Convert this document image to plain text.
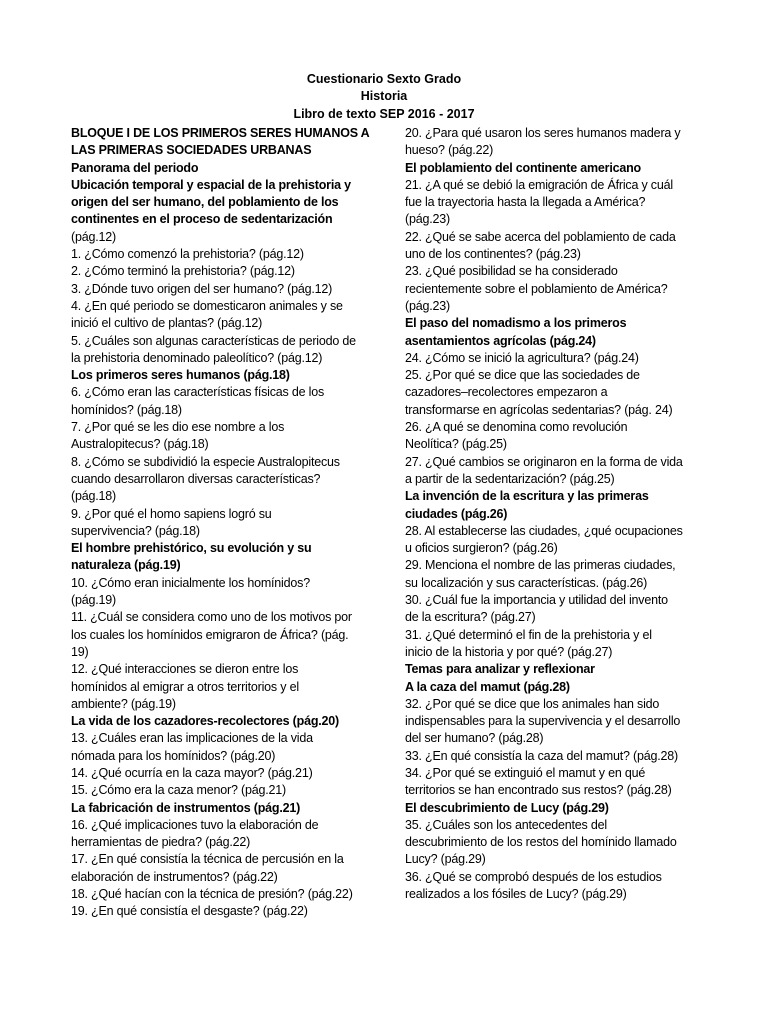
Cuestionario Sexto Grado
Historia
Libro de texto SEP 2016 - 2017
BLOQUE I DE LOS PRIMEROS SERES HUMANOS A
LAS PRIMERAS SOCIEDADES URBANAS
Panorama del periodo
Ubicación temporal y espacial de la prehistoria y
origen del ser humano, del poblamiento de los
continentes en el proceso de sedentarización
(pág.12)
1. ¿Cómo comenzó la prehistoria? (pág.12)
2. ¿Cómo terminó la prehistoria? (pág.12)
3. ¿Dónde tuvo origen del ser humano? (pág.12)
4. ¿En qué periodo se domesticaron animales y se
inició el cultivo de plantas? (pág.12)
5. ¿Cuáles son algunas características de periodo de
la prehistoria denominado paleolítico? (pág.12)
Los primeros seres humanos (pág.18)
6. ¿Cómo eran las características físicas de los
homínidos? (pág.18)
7. ¿Por qué se les dio ese nombre a los
Australopitecus? (pág.18)
8. ¿Cómo se subdividió la especie Australopitecus
cuando desarrollaron diversas características?
(pág.18)
9. ¿Por qué el homo sapiens logró su
supervivencia? (pág.18)
El hombre prehistórico, su evolución y su
naturaleza (pág.19)
10. ¿Cómo eran inicialmente los homínidos?
(pág.19)
11. ¿Cuál se considera como uno de los motivos por
los cuales los homínidos emigraron de África? (pág.
19)
12. ¿Qué interacciones se dieron entre los
homínidos al emigrar a otros territorios y el
ambiente? (pág.19)
La vida de los cazadores-recolectores (pág.20)
13. ¿Cuáles eran las implicaciones de la vida
nómada para los homínidos? (pág.20)
14. ¿Qué ocurría en la caza mayor? (pág.21)
15. ¿Cómo era la caza menor? (pág.21)
La fabricación de instrumentos (pág.21)
16. ¿Qué implicaciones tuvo la elaboración de
herramientas de piedra? (pág.22)
17. ¿En qué consistía la técnica de percusión en la
elaboración de instrumentos? (pág.22)
18. ¿Qué hacían con la técnica de presión? (pág.22)
19. ¿En qué consistía el desgaste? (pág.22)
20. ¿Para qué usaron los seres humanos madera y
hueso? (pág.22)
El poblamiento del continente americano
21. ¿A qué se debió la emigración de África y cuál
fue la trayectoria hasta la llegada a América?
(pág.23)
22. ¿Qué se sabe acerca del poblamiento de cada
uno de los continentes? (pág.23)
23. ¿Qué posibilidad se ha considerado
recientemente sobre el poblamiento de América?
(pág.23)
El paso del nomadismo a los primeros
asentamientos agrícolas (pág.24)
24. ¿Cómo se inició la agricultura? (pág.24)
25. ¿Por qué se dice que las sociedades de
cazadores–recolectores empezaron a
transformarse en agrícolas sedentarias? (pág. 24)
26. ¿A qué se denomina como revolución
Neolítica? (pág.25)
27. ¿Qué cambios se originaron en la forma de vida
a partir de la sedentarización? (pág.25)
La invención de la escritura y las primeras
ciudades (pág.26)
28. Al establecerse las ciudades, ¿qué ocupaciones
u oficios surgieron? (pág.26)
29. Menciona el nombre de las primeras ciudades,
su localización y sus características. (pág.26)
30. ¿Cuál fue la importancia y utilidad del invento
de la escritura? (pág.27)
31. ¿Qué determinó el fin de la prehistoria y el
inicio de la historia y por qué? (pág.27)
Temas para analizar y reflexionar
A la caza del mamut (pág.28)
32. ¿Por qué se dice que los animales han sido
indispensables para la supervivencia y el desarrollo
del ser humano? (pág.28)
33. ¿En qué consistía la caza del mamut? (pág.28)
34. ¿Por qué se extinguió el mamut y en qué
territorios se han encontrado sus restos? (pág.28)
El descubrimiento de Lucy (pág.29)
35. ¿Cuáles son los antecedentes del
descubrimiento de los restos del homínido llamado
Lucy? (pág.29)
36. ¿Qué se comprobó después de los estudios
realizados a los fósiles de Lucy? (pág.29)
